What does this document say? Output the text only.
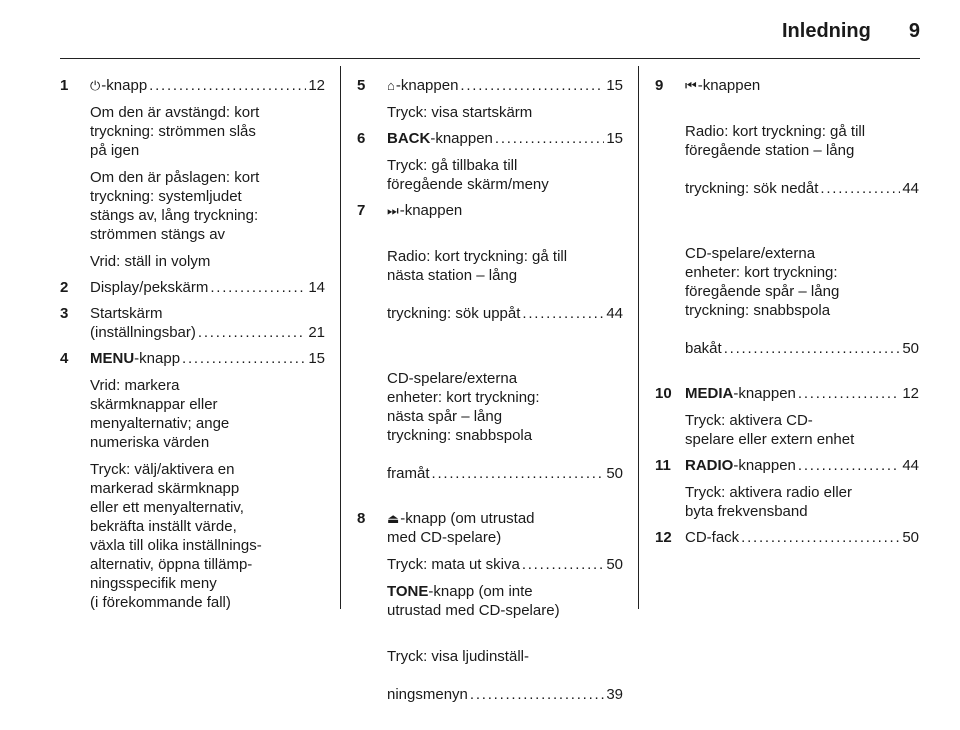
Inledning 9
1 ⏻-knapp . . .	12
Om den är avstängd: kort
tryckning: strömmen slås
på igen
Om den är påslagen: kort
tryckning: systemljudet
stängs av, lång tryckning:
strömmen stängs av
Vrid: ställ in volym
2 Display/pekskärm . . .	14
3 Startskärm
(inställningsbar) . . .	21
4 MENU-knapp . . .	15
Vrid: markera
skärmknappar eller
menyalternativ; ange
numeriska värden
Tryck: välj/aktivera en
markerad skärmknapp
eller ett menyalternativ,
bekräfta inställt värde,
växla till olika inställnings-
alternativ, öppna tillämp-
ningsspecifik meny
(i förekommande fall)
5 ⌂-knappen . . .	15
Tryck: visa startskärm
6 BACK-knappen . . .	15
Tryck: gå tillbaka till
föregående skärm/meny
7 ⏭-knappen

Radio: kort tryckning: gå till
nästa station – lång

tryckning: sök uppåt . . .	44

CD-spelare/externa
enheter: kort tryckning:
nästa spår – lång
tryckning: snabbspola

framåt . . .	50

8 ⏏-knapp (om utrustad
med CD-spelare)
Tryck: mata ut skiva . . .	50
TONE-knapp (om inte
utrustad med CD-spelare)

Tryck: visa ljudinställ-

ningsmenyn . . .	39

9 ⏮-knappen

Radio: kort tryckning: gå till
föregående station – lång

tryckning: sök nedåt . . .	44

CD-spelare/externa
enheter: kort tryckning:
föregående spår – lång
tryckning: snabbspola

bakåt . . .	50

10 MEDIA-knappen . . .	12
Tryck: aktivera CD-
spelare eller extern enhet
11 RADIO-knappen . . .	44
Tryck: aktivera radio eller
byta frekvensband
12 CD-fack . . .	50
